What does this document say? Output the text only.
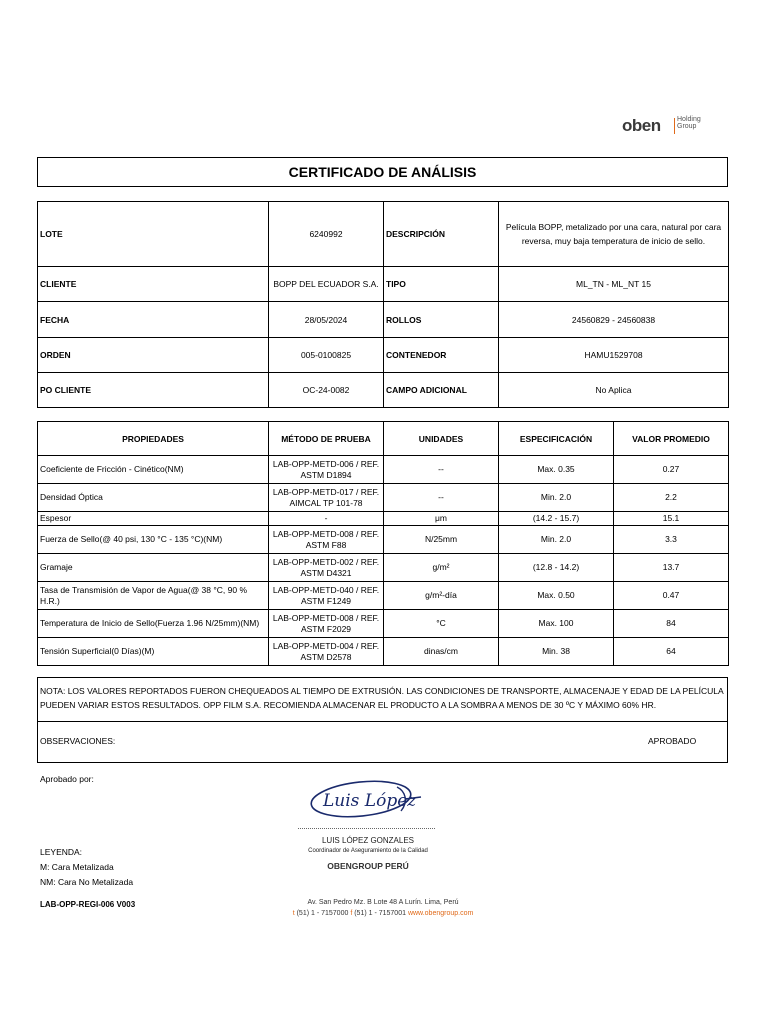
oben Holding
Group
CERTIFICADO DE ANÁLISIS
LOTE	6240992	DESCRIPCIÓN	Película BOPP, metalizado por una cara, natural por cara reversa, muy baja temperatura de inicio de sello.
CLIENTE	BOPP DEL ECUADOR S.A.	TIPO	ML_TN - ML_NT 15
FECHA	28/05/2024	ROLLOS	24560829 - 24560838
ORDEN	005-0100825	CONTENEDOR	HAMU1529708
PO CLIENTE	OC-24-0082	CAMPO ADICIONAL	No Aplica
PROPIEDADES	MÉTODO DE PRUEBA	UNIDADES	ESPECIFICACIÓN	VALOR PROMEDIO
Coeficiente de Fricción - Cinético(NM)	LAB-OPP-METD-006 / REF. ASTM D1894	--	Max. 0.35	0.27
Densidad Óptica	LAB-OPP-METD-017 / REF. AIMCAL TP 101-78	--	Min. 2.0	2.2
Espesor	-	μm	(14.2 - 15.7)	15.1
Fuerza de Sello(@ 40 psi, 130 °C - 135 °C)(NM)	LAB-OPP-METD-008 / REF. ASTM F88	N/25mm	Min. 2.0	3.3
Gramaje	LAB-OPP-METD-002 / REF. ASTM D4321	g/m²	(12.8 - 14.2)	13.7
Tasa de Transmisión de Vapor de Agua(@ 38 °C, 90 % H.R.)	LAB-OPP-METD-040 / REF. ASTM F1249	g/m²-día	Max. 0.50	0.47
Temperatura de Inicio de Sello(Fuerza 1.96 N/25mm)(NM)	LAB-OPP-METD-008 / REF. ASTM F2029	°C	Max. 100	84
Tensión Superficial(0 Días)(M)	LAB-OPP-METD-004 / REF. ASTM D2578	dinas/cm	Min. 38	64
NOTA: LOS VALORES REPORTADOS FUERON CHEQUEADOS AL TIEMPO DE EXTRUSIÓN. LAS CONDICIONES DE TRANSPORTE, ALMACENAJE Y EDAD DE LA PELÍCULA PUEDEN VARIAR ESTOS RESULTADOS. OPP FILM S.A. RECOMIENDA ALMACENAR EL PRODUCTO A LA SOMBRA A MENOS DE 30 ºC Y MÁXIMO 60% HR.
OBSERVACIONES:	APROBADO
Aprobado por:
Luis López
LUIS LÓPEZ GONZALES
Coordinador de Aseguramiento de la Calidad
OBENGROUP PERÚ
LEYENDA:
M: Cara Metalizada
NM: Cara No Metalizada
LAB-OPP-REGI-006 V003	Av. San Pedro Mz. B Lote 48 A Lurín. Lima, Perú
t (51) 1 - 7157000 f (51) 1 - 7157001 www.obengroup.com
